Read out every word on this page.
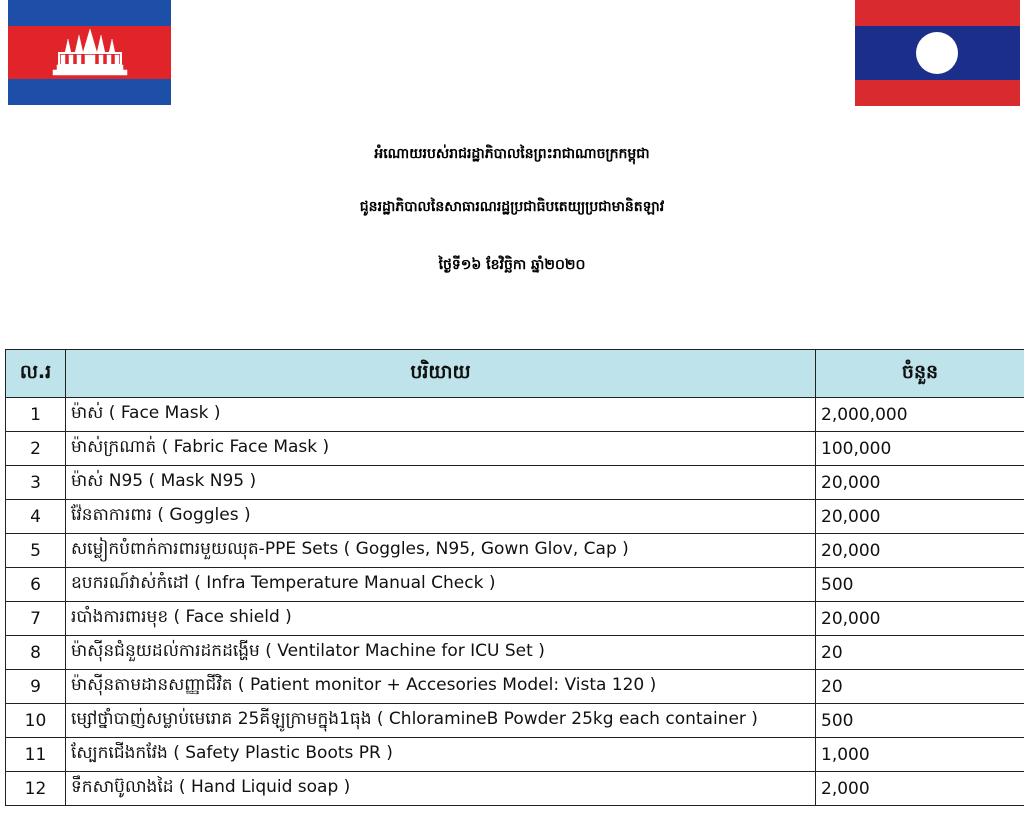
អំណោយរបស់រាជរដ្ឋាភិបាលនៃព្រះរាជាណាចក្រកម្ពុជា
ជូនរដ្ឋាភិបាលនៃសាធារណរដ្ឋប្រជាធិបតេយ្យប្រជាមានិតឡាវ
ថ្ងៃទី១៦ ខែវិច្ឆិកា ឆ្នាំ២០២០
ល.រ	បរិយាយ	ចំនួន
1	ម៉ាស់ ( Face Mask )	2,000,000
2	ម៉ាស់ក្រណាត់ ( Fabric Face Mask )	100,000
3	ម៉ាស់ N95 ( Mask N95 )	20,000
4	វ៉ែនតាការពារ ( Goggles )	20,000
5	សម្លៀកបំពាក់ការពារមួយឈុត-PPE Sets ( Goggles, N95, Gown Glov, Cap )	20,000
6	ឧបករណ៍វាស់កំដៅ ( Infra Temperature Manual Check )	500
7	របាំងការពារមុខ ( Face shield )	20,000
8	ម៉ាស៊ីនជំនួយដល់ការដកដង្ហើម ( Ventilator Machine for ICU Set )	20
9	ម៉ាស៊ីនតាមដានសញ្ញាជីវិត ( Patient monitor + Accesories Model: Vista 120 )	20
10	ម្សៅថ្នាំបាញ់សម្លាប់មេរោគ 25គីឡូក្រាមក្នុង1ធុង ( ChloramineB Powder 25kg each container )	500
11	ស្បែកជើងកវែង ( Safety Plastic Boots PR )	1,000
12	ទឹកសាប៊ូលាងដៃ ( Hand Liquid soap )	2,000
